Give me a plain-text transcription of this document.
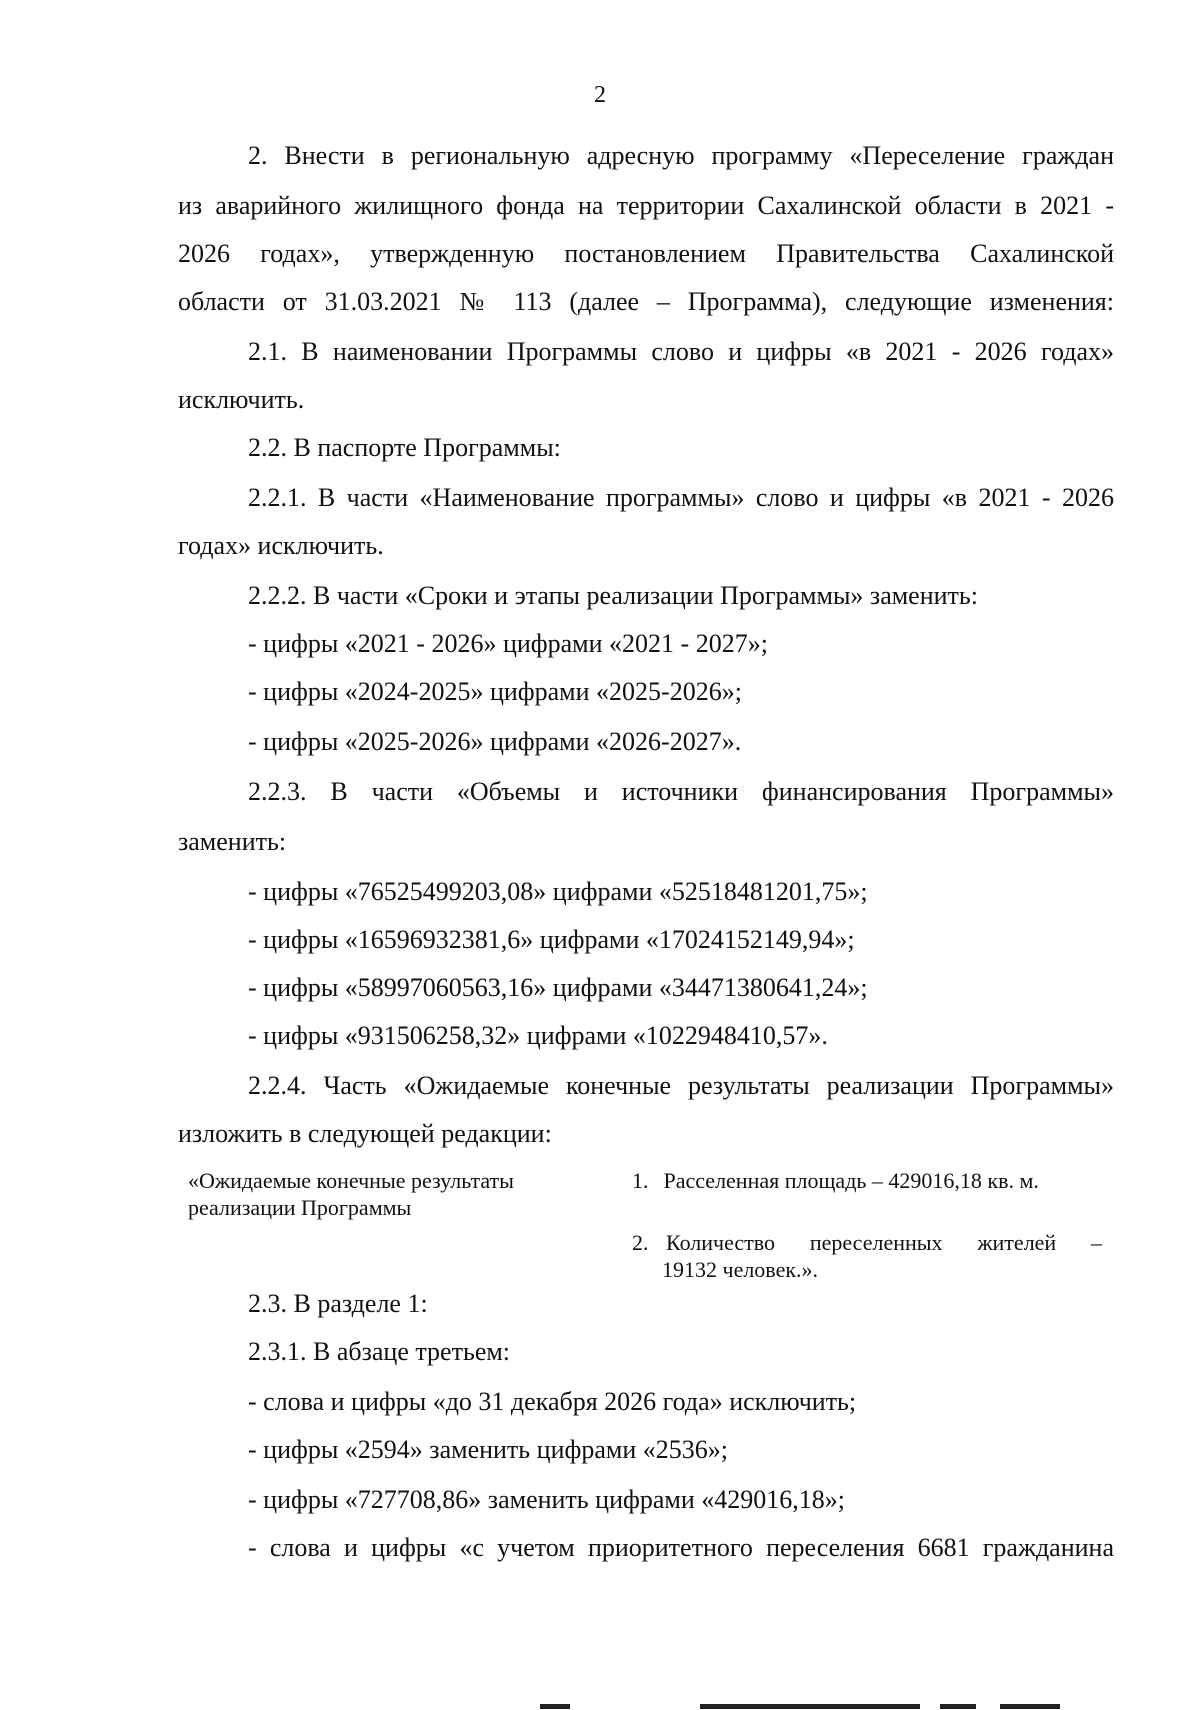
2
2. Внести в региональную адресную программу «Переселение граждан
из аварийного жилищного фонда на территории Сахалинской области в 2021 -
2026 годах», утвержденную постановлением Правительства Сахалинской
области от 31.03.2021 № 113 (далее – Программа), следующие изменения:
2.1. В наименовании Программы слово и цифры «в 2021 - 2026 годах»
исключить.
2.2. В паспорте Программы:
2.2.1. В части «Наименование программы» слово и цифры «в 2021 - 2026
годах» исключить.
2.2.2. В части «Сроки и этапы реализации Программы» заменить:
- цифры «2021 - 2026» цифрами «2021 - 2027»;
- цифры «2024-2025» цифрами «2025-2026»;
- цифры «2025-2026» цифрами «2026-2027».
2.2.3. В части «Объемы и источники финансирования Программы»
заменить:
- цифры «76525499203,08» цифрами «52518481201,75»;
- цифры «16596932381,6» цифрами «17024152149,94»;
- цифры «58997060563,16» цифрами «34471380641,24»;
- цифры «931506258,32» цифрами «1022948410,57».
2.2.4. Часть «Ожидаемые конечные результаты реализации Программы»
изложить в следующей редакции:
2.3. В разделе 1:
2.3.1. В абзаце третьем:
- слова и цифры «до 31 декабря 2026 года» исключить;
- цифры «2594» заменить цифрами «2536»;
- цифры «727708,86» заменить цифрами «429016,18»;
- слова и цифры «с учетом приоритетного переселения 6681 гражданина
«Ожидаемые конечные результаты
реализации Программы
1. Расселенная площадь – 429016,18 кв. м.
2. Количество переселенных жителей –
19132 человек.».
